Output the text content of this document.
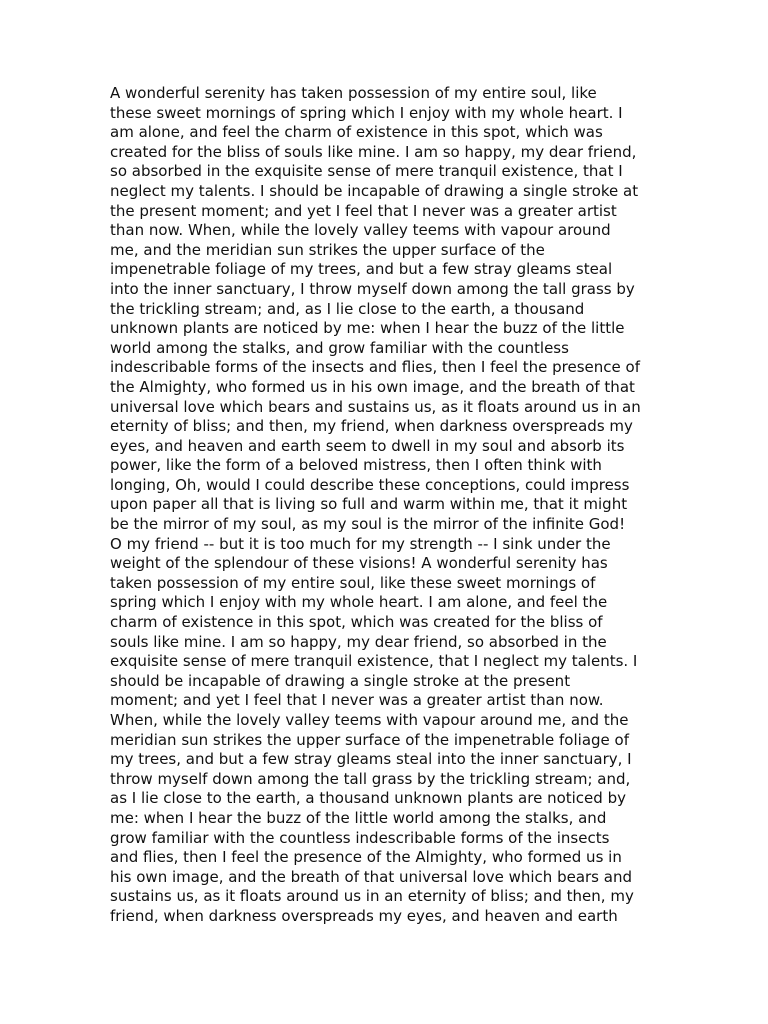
A wonderful serenity has taken possession of my entire soul, like
these sweet mornings of spring which I enjoy with my whole heart. I
am alone, and feel the charm of existence in this spot, which was
created for the bliss of souls like mine. I am so happy, my dear friend,
so absorbed in the exquisite sense of mere tranquil existence, that I
neglect my talents. I should be incapable of drawing a single stroke at
the present moment; and yet I feel that I never was a greater artist
than now. When, while the lovely valley teems with vapour around
me, and the meridian sun strikes the upper surface of the
impenetrable foliage of my trees, and but a few stray gleams steal
into the inner sanctuary, I throw myself down among the tall grass by
the trickling stream; and, as I lie close to the earth, a thousand
unknown plants are noticed by me: when I hear the buzz of the little
world among the stalks, and grow familiar with the countless
indescribable forms of the insects and flies, then I feel the presence of
the Almighty, who formed us in his own image, and the breath of that
universal love which bears and sustains us, as it floats around us in an
eternity of bliss; and then, my friend, when darkness overspreads my
eyes, and heaven and earth seem to dwell in my soul and absorb its
power, like the form of a beloved mistress, then I often think with
longing, Oh, would I could describe these conceptions, could impress
upon paper all that is living so full and warm within me, that it might
be the mirror of my soul, as my soul is the mirror of the infinite God!
O my friend -- but it is too much for my strength -- I sink under the
weight of the splendour of these visions! A wonderful serenity has
taken possession of my entire soul, like these sweet mornings of
spring which I enjoy with my whole heart. I am alone, and feel the
charm of existence in this spot, which was created for the bliss of
souls like mine. I am so happy, my dear friend, so absorbed in the
exquisite sense of mere tranquil existence, that I neglect my talents. I
should be incapable of drawing a single stroke at the present
moment; and yet I feel that I never was a greater artist than now.
When, while the lovely valley teems with vapour around me, and the
meridian sun strikes the upper surface of the impenetrable foliage of
my trees, and but a few stray gleams steal into the inner sanctuary, I
throw myself down among the tall grass by the trickling stream; and,
as I lie close to the earth, a thousand unknown plants are noticed by
me: when I hear the buzz of the little world among the stalks, and
grow familiar with the countless indescribable forms of the insects
and flies, then I feel the presence of the Almighty, who formed us in
his own image, and the breath of that universal love which bears and
sustains us, as it floats around us in an eternity of bliss; and then, my
friend, when darkness overspreads my eyes, and heaven and earth
